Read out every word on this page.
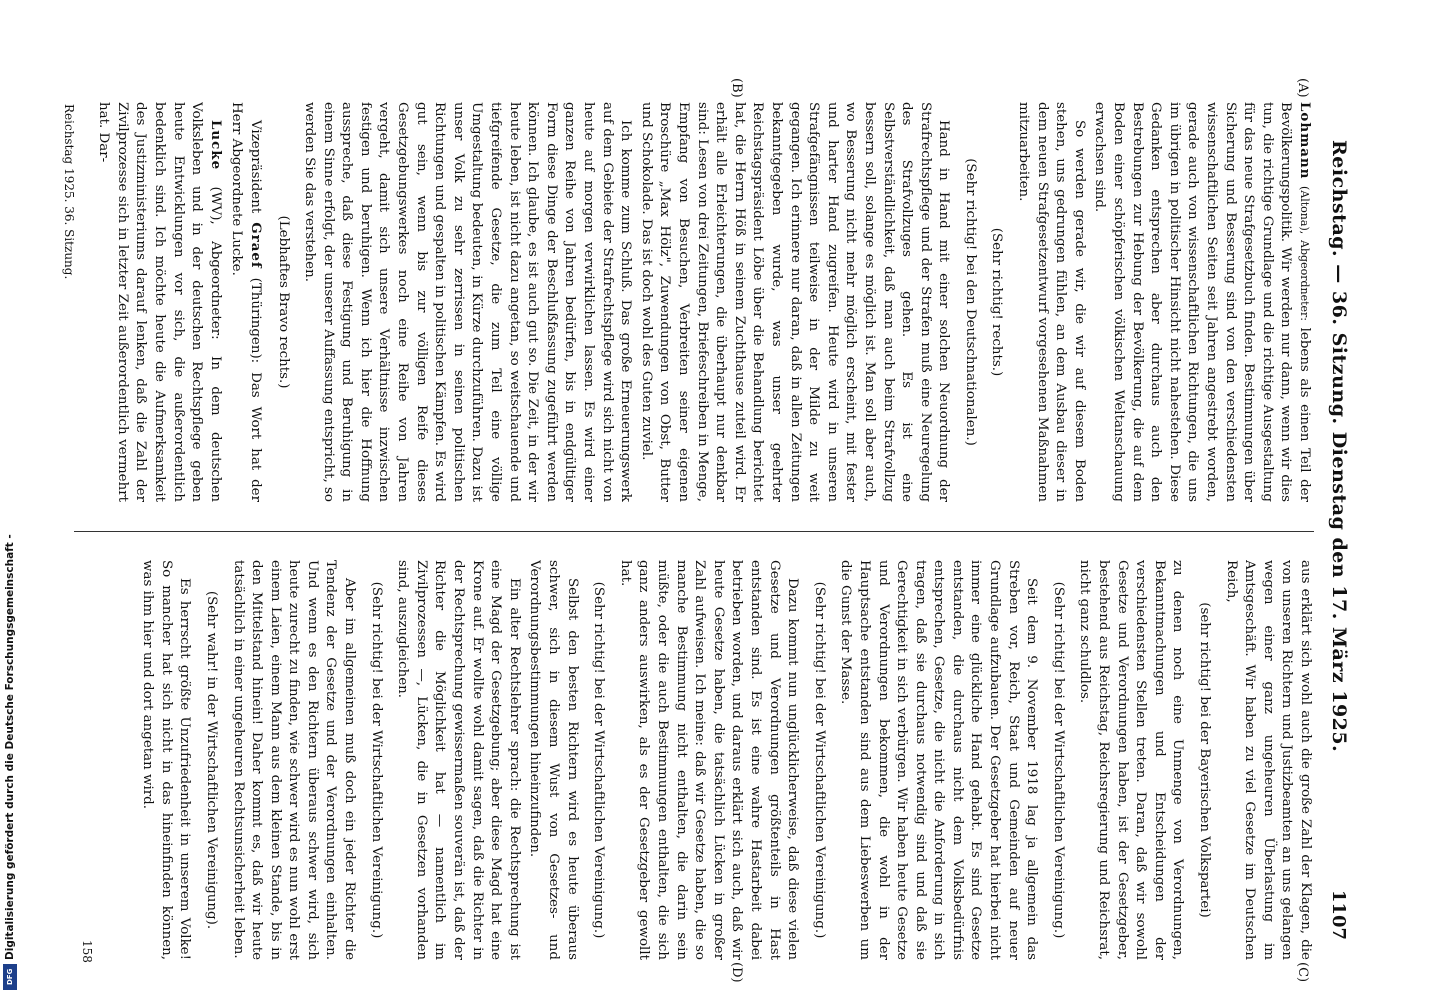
Reichstag. — 36. Sitzung. Dienstag den 17. März 1925.
1107
(A)
(B)
(C)
(D)

Lohmann (Altona), Abgeordneter: lebens als einen Teil der Bevölkerungspolitik. Wir werden nur dann, wenn wir dies tun, die richtige Grundlage und die richtige Ausgestaltung für das neue Strafgesetzbuch finden. Bestimmungen über Sicherung und Besserung sind von den verschiedensten wissenschaftlichen Seiten seit Jahren angestrebt worden, gerade auch von wissenschaftlichen Richtungen, die uns im übrigen in politischer Hinsicht nicht nahestehen. Diese Gedanken entsprechen aber durchaus auch den Bestrebungen zur Hebung der Bevölkerung, die auf dem Boden einer schöpferischen völkischen Weltanschauung erwachsen sind.

So werden gerade wir, die wir auf diesem Boden stehen, uns gedrungen fühlen, an dem Ausbau dieser in dem neuen Strafgesetzentwurf vorgesehenen Maßnahmen mitzuarbeiten.

(Sehr richtig! rechts.)

(Sehr richtig! bei den Deutschnationalen.)

Hand in Hand mit einer solchen Neuordnung der Strafrechtspflege und der Strafen muß eine Neuregelung des Strafvollzuges gehen. Es ist eine Selbstverständlichkeit, daß man auch beim Strafvollzug bessern soll, solange es möglich ist. Man soll aber auch, wo Besserung nicht mehr möglich erscheint, mit fester und harter Hand zugreifen. Heute wird in unseren Strafgefängnissen teilweise in der Milde zu weit gegangen. Ich erinnere nur daran, daß in allen Zeitungen bekanntgegeben wurde, was unser geehrter Reichstagspräsident Löbe über die Behandlung berichtet hat, die Herrn Höß in seinem Zuchthause zuteil wird. Er erhält alle Erleichterungen, die überhaupt nur denkbar sind: Lesen von drei Zeitungen, Briefeschreiben in Menge, Empfang von Besuchen, Verbreiten seiner eigenen Broschüre „Max Hölz", Zuwendungen von Obst, Butter und Schokolade. Das ist doch wohl des Guten zuviel.

Ich komme zum Schluß. Das große Erneuerungswerk auf dem Gebiete der Strafrechtspflege wird sich nicht von heute auf morgen verwirklichen lassen. Es wird einer ganzen Reihe von Jahren bedürfen, bis in endgültiger Form diese Dinge der Beschlußfassung zugeführt werden können. Ich glaube, es ist auch gut so. Die Zeit, in der wir heute leben, ist nicht dazu angetan, so weitschauende und tiefgreifende Gesetze, die zum Teil eine völlige Umgestaltung bedeuten, in Kürze durchzuführen. Dazu ist unser Volk zu sehr zerrissen in seinen politischen Richtungen und gespalten in politischen Kämpfen. Es wird gut sein, wenn bis zur völligen Reife dieses Gesetzgebungswerkes noch eine Reihe von Jahren vergeht, damit sich unsere Verhältnisse inzwischen festigen und beruhigen. Wenn ich hier die Hoffnung ausspreche, daß diese Festigung und Beruhigung in einem Sinne erfolgt, der unserer Auffassung entspricht, so werden Sie das verstehen.

(Lebhaftes Bravo rechts.)

Vizepräsident Graef (Thüringen): Das Wort hat der Herr Abgeordnete Lucke.

Lucke (WV), Abgeordneter: In dem deutschen Volksleben und in der deutschen Rechtspflege geben heute Entwicklungen vor sich, die außerordentlich bedenklich sind. Ich möchte heute die Aufmerksamkeit des Justizministeriums darauf lenken, daß die Zahl der Zivilprozesse sich in letzter Zeit außerordentlich vermehrt hat. Dar-

aus erklärt sich wohl auch die große Zahl der Klagen, die von unseren Richtern und Justizbeamten an uns gelangen wegen einer ganz ungeheuren Überlastung im Amtsgeschäft. Wir haben zu viel Gesetze im Deutschen Reich,

(sehr richtig! bei der Bayerischen Volkspartei)

zu denen noch eine Unmenge von Verordnungen, Bekanntmachungen und Entscheidungen der verschiedensten Stellen treten. Daran, daß wir sowohl Gesetze und Verordnungen haben, ist der Gesetzgeber, bestehend aus Reichstag, Reichsregierung und Reichsrat, nicht ganz schuldlos.

(Sehr richtig! bei der Wirtschaftlichen Vereinigung.)

Seit dem 9. November 1918 lag ja allgemein das Streben vor, Reich, Staat und Gemeinden auf neuer Grundlage aufzubauen. Der Gesetzgeber hat hierbei nicht immer eine glückliche Hand gehabt. Es sind Gesetze entstanden, die durchaus nicht dem Volksbedürfnis entsprechen, Gesetze, die nicht die Anforderung in sich tragen, daß sie durchaus notwendig sind und daß sie Gerechtigkeit in sich verbürgen. Wir haben heute Gesetze und Verordnungen bekommen, die wohl in der Hauptsache entstanden sind aus dem Liebeswerben um die Gunst der Masse.

(Sehr richtig! bei der Wirtschaftlichen Vereinigung.)

Dazu kommt nun unglücklicherweise, daß diese vielen Gesetze und Verordnungen größtenteils in Hast entstanden sind. Es ist eine wahre Hastarbeit dabei betrieben worden, und daraus erklärt sich auch, daß wir heute Gesetze haben, die tatsächlich Lücken in großer Zahl aufweisen. Ich meine: daß wir Gesetze haben, die so manche Bestimmung nicht enthalten, die darin sein müßte, oder die auch Bestimmungen enthalten, die sich ganz anders auswirken, als es der Gesetzgeber gewollt hat.

(Sehr richtig! bei der Wirtschaftlichen Vereinigung.)

Selbst den besten Richtern wird es heute überaus schwer, sich in diesem Wust von Gesetzes- und Verordnungsbestimmungen hineinzufinden.

Ein alter Rechtslehrer sprach: die Rechtsprechung ist eine Magd der Gesetzgebung; aber diese Magd hat eine Krone auf. Er wollte wohl damit sagen, daß die Richter in der Rechtsprechung gewissermaßen souverän ist, daß der Richter die Möglichkeit hat — namentlich im Zivilprozessen —, Lücken, die in Gesetzen vorhanden sind, auszugleichen.

(Sehr richtig! bei der Wirtschaftlichen Vereinigung.)

Aber im allgemeinen muß doch ein jeder Richter die Tendenz der Gesetze und der Verordnungen einhalten. Und wenn es den Richtern überaus schwer wird, sich heute zurecht zu finden, wie schwer wird es nun wohl erst einem Laien, einem Mann aus dem kleinen Stande, bis in den Mittelstand hinein! Daher kommt es, daß wir heute tatsächlich in einer ungeheuren Rechtsunsicherheit leben.

(Sehr wahr! in der Wirtschaftlichen Vereinigung).

Es herrscht größte Unzufriedenheit in unserem Volke! So mancher hat sich nicht in das hineinfinden können, was ihm hier und dort angetan wird.

Reichstag 1925. 36. Sitzung.
158
Digitalisierung gefördert durch die Deutsche Forschungsgemeinschaft -
DFG
